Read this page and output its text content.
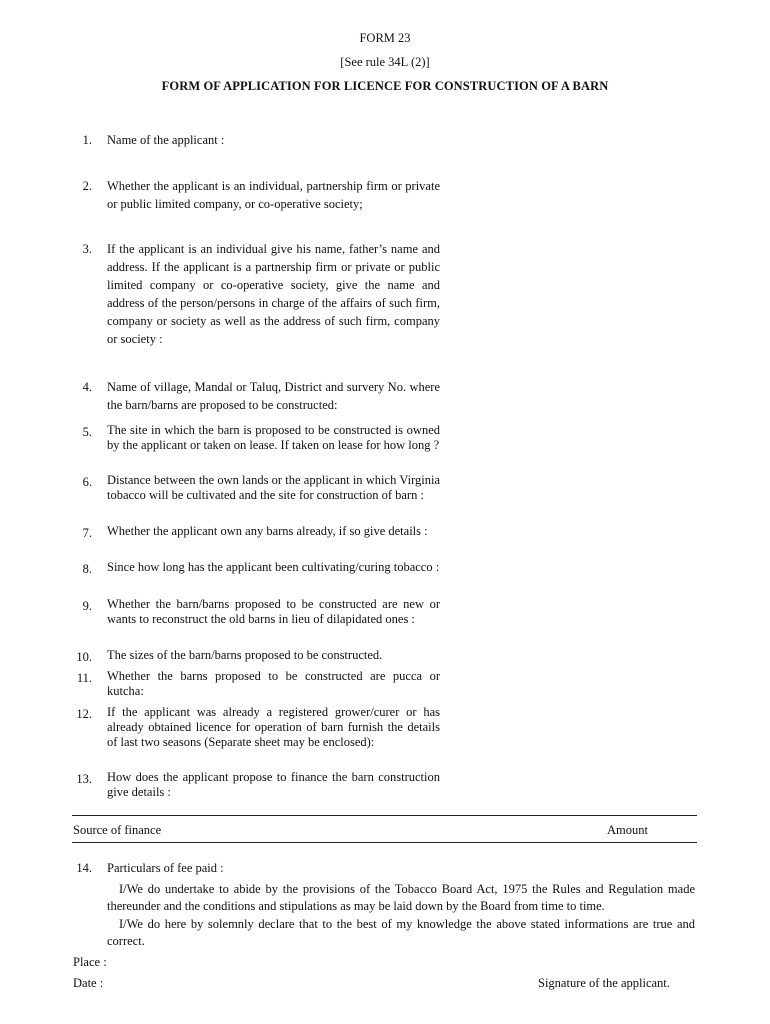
FORM 23
[See rule 34L (2)]
FORM OF APPLICATION FOR LICENCE FOR CONSTRUCTION OF A BARN
1. Name of the applicant :
2. Whether the applicant is an individual, partnership firm or private or public limited company, or co-operative society;
3. If the applicant is an individual give his name, father’s name and address. If the applicant is a partnership firm or private or public limited company or co-operative society, give the name and address of the person/persons in charge of the affairs of such firm, company or society as well as the address of such firm, company or society :
4. Name of village, Mandal or Taluq, District and survery No. where the barn/barns are proposed to be constructed:
5. The site in which the barn is proposed to be constructed is owned by the applicant or taken on lease. If taken on lease for how long ?
6. Distance between the own lands or the applicant in which Virginia tobacco will be cultivated and the site for construction of barn :
7. Whether the applicant own any barns already, if so give details :
8. Since how long has the applicant been cultivating/curing tobacco :
9. Whether the barn/barns proposed to be constructed are new or wants to reconstruct the old barns in lieu of dilapidated ones :
10. The sizes of the barn/barns proposed to be constructed.
11. Whether the barns proposed to be constructed are pucca or kutcha:
12. If the applicant was already a registered grower/curer or has already obtained licence for operation of barn furnish the details of last two seasons (Separate sheet may be enclosed):
13. How does the applicant propose to finance the barn construction give details :
Source of finance	Amount
14. Particulars of fee paid :
I/We do undertake to abide by the provisions of the Tobacco Board Act, 1975 the Rules and Regulation made thereunder and the conditions and stipulations as may be laid down by the Board from time to time.
I/We do here by solemnly declare that to the best of my knowledge the above stated informations are true and correct.
Place :
Date :	Signature of the applicant.
